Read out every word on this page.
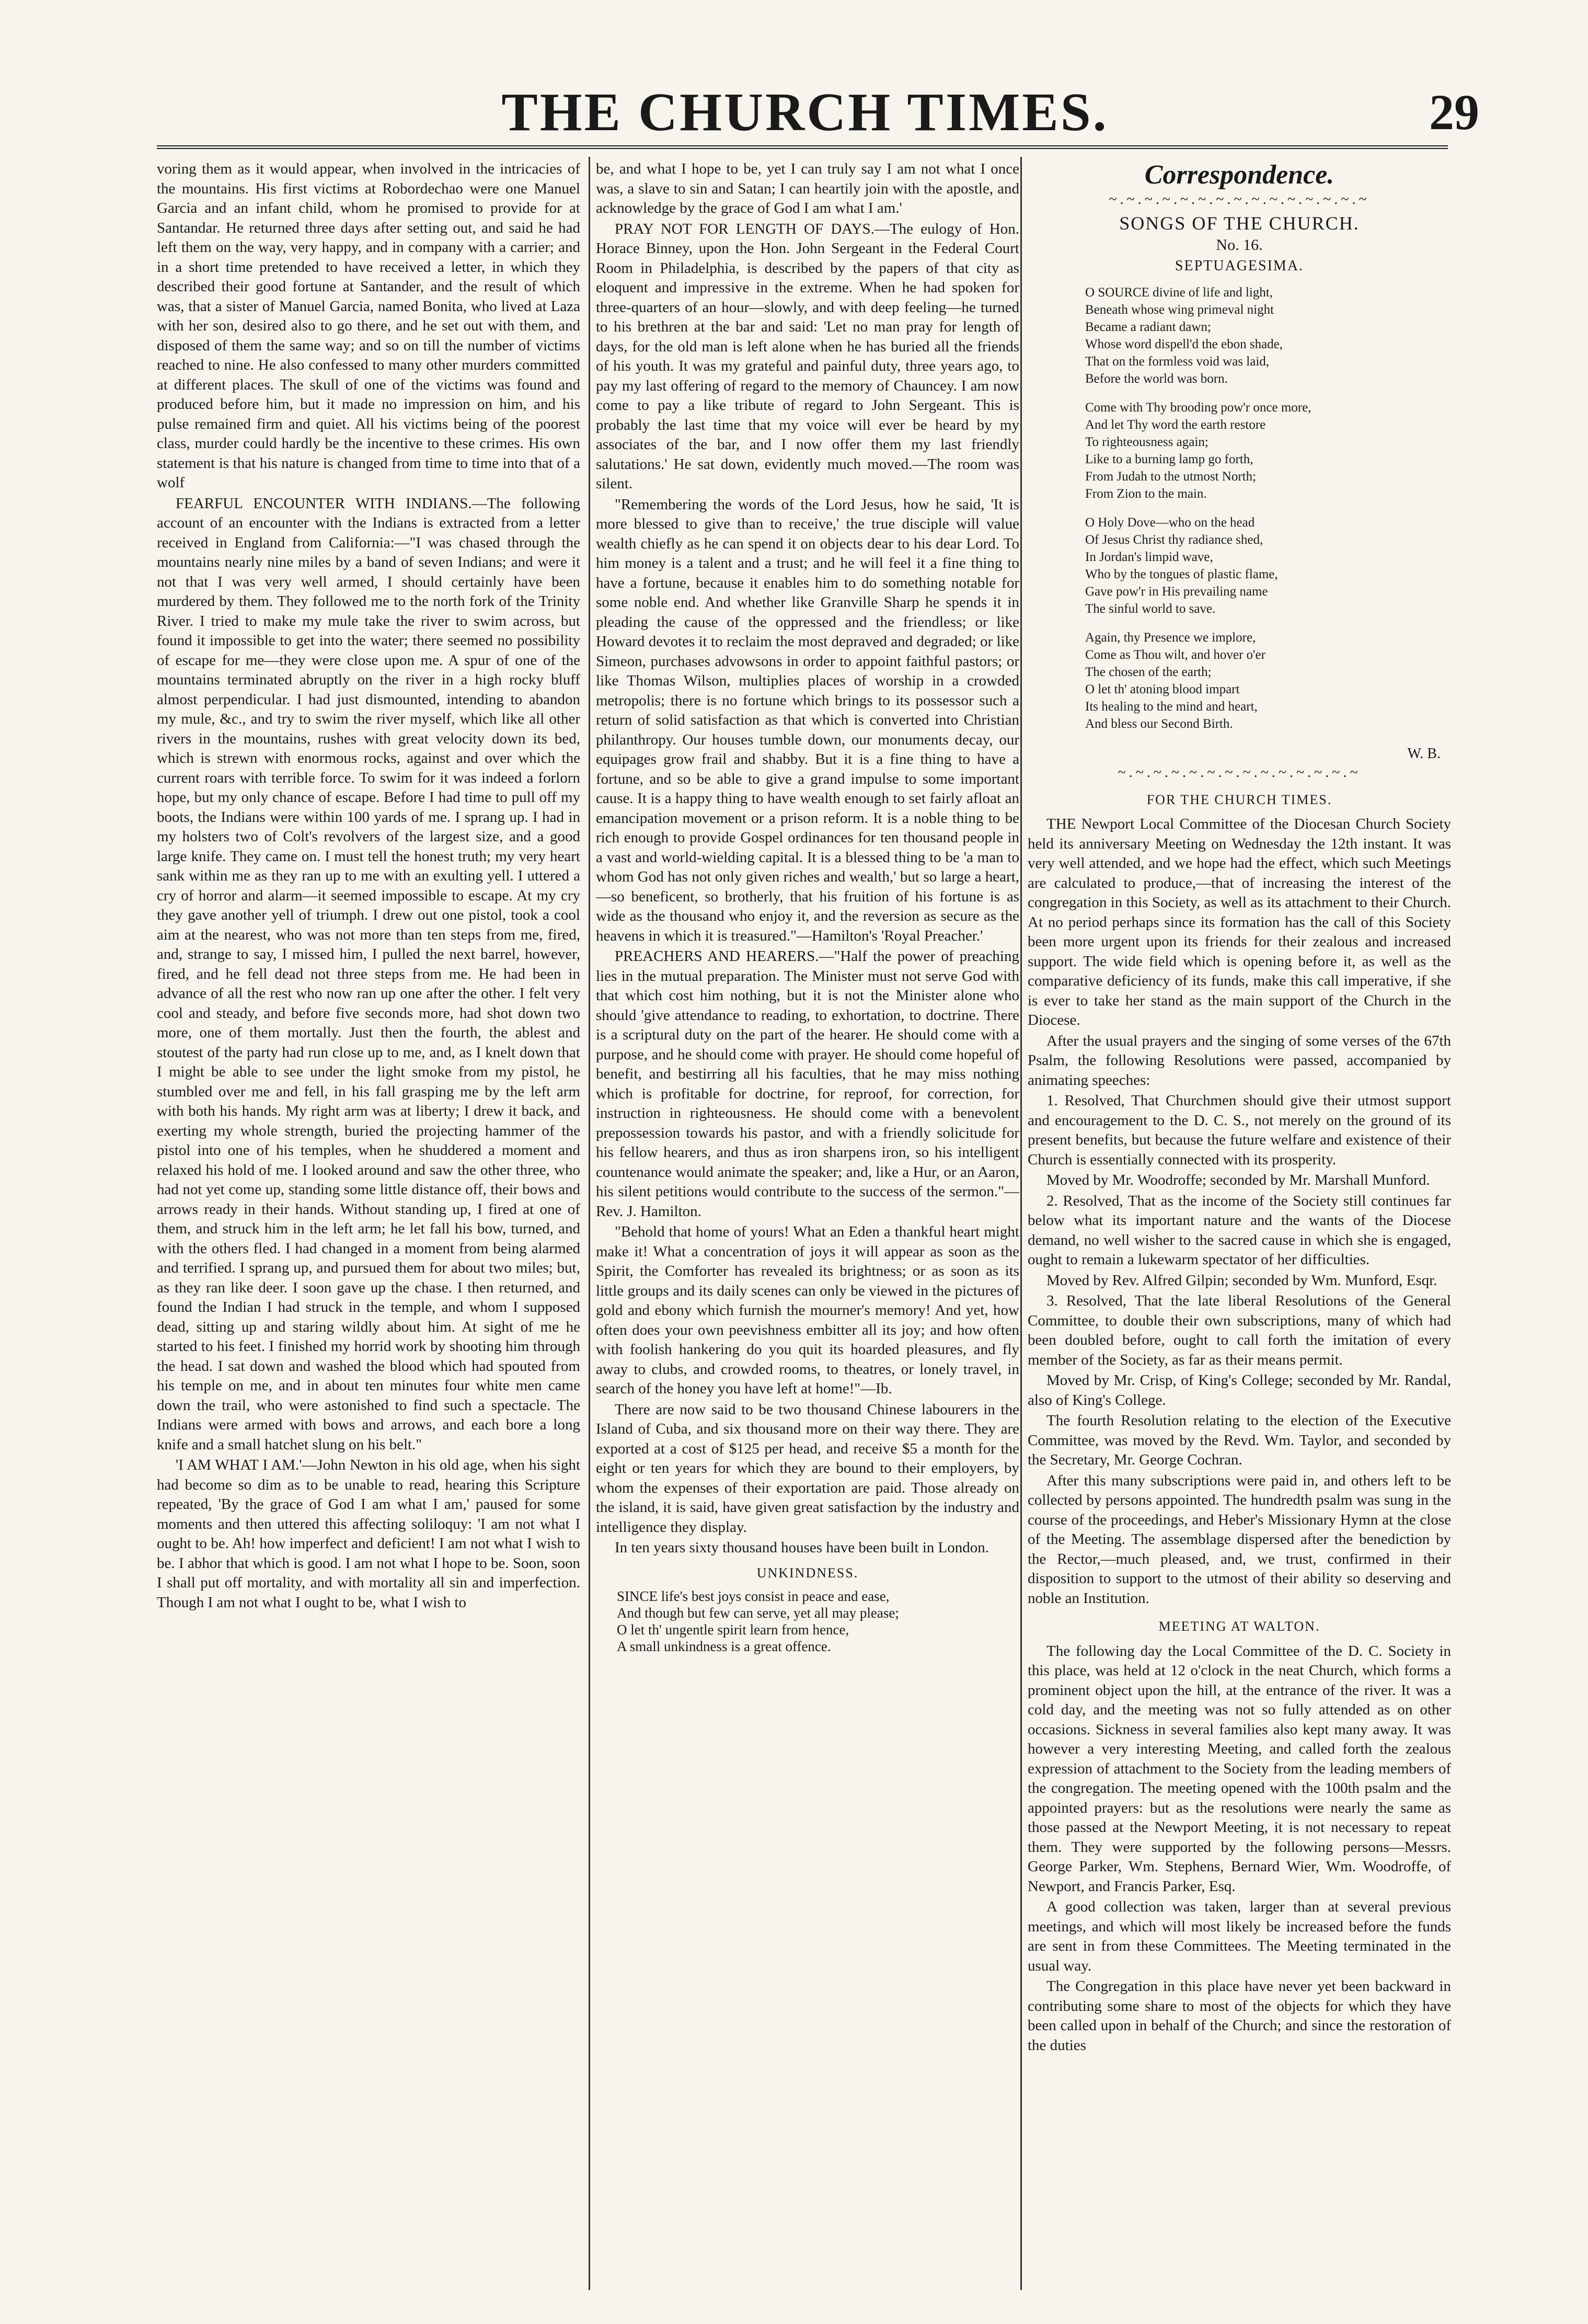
THE CHURCH TIMES.	29

voring them as it would appear, when involved in the intricacies of the mountains. His first victims at Robordechao were one Manuel Garcia and an infant child, whom he promised to provide for at Santandar. He returned three days after setting out, and said he had left them on the way, very happy, and in company with a carrier; and in a short time pretended to have received a letter, in which they described their good fortune at Santander, and the result of which was, that a sister of Manuel Garcia, named Bonita, who lived at Laza with her son, desired also to go there, and he set out with them, and disposed of them the same way; and so on till the number of victims reached to nine. He also confessed to many other murders committed at different places. The skull of one of the victims was found and produced before him, but it made no impression on him, and his pulse remained firm and quiet. All his victims being of the poorest class, murder could hardly be the incentive to these crimes. His own statement is that his nature is changed from time to time into that of a wolf

FEARFUL ENCOUNTER WITH INDIANS.—The following account of an encounter with the Indians is extracted from a letter received in England from California:—"I was chased through the mountains nearly nine miles by a band of seven Indians; and were it not that I was very well armed, I should certainly have been murdered by them. They followed me to the north fork of the Trinity River. I tried to make my mule take the river to swim across, but found it impossible to get into the water; there seemed no possibility of escape for me—they were close upon me. A spur of one of the mountains terminated abruptly on the river in a high rocky bluff almost perpendicular. I had just dismounted, intending to abandon my mule, &c., and try to swim the river myself, which like all other rivers in the mountains, rushes with great velocity down its bed, which is strewn with enormous rocks, against and over which the current roars with terrible force. To swim for it was indeed a forlorn hope, but my only chance of escape. Before I had time to pull off my boots, the Indians were within 100 yards of me. I sprang up. I had in my holsters two of Colt's revolvers of the largest size, and a good large knife. They came on. I must tell the honest truth; my very heart sank within me as they ran up to me with an exulting yell. I uttered a cry of horror and alarm—it seemed impossible to escape. At my cry they gave another yell of triumph. I drew out one pistol, took a cool aim at the nearest, who was not more than ten steps from me, fired, and, strange to say, I missed him, I pulled the next barrel, however, fired, and he fell dead not three steps from me. He had been in advance of all the rest who now ran up one after the other. I felt very cool and steady, and before five seconds more, had shot down two more, one of them mortally. Just then the fourth, the ablest and stoutest of the party had run close up to me, and, as I knelt down that I might be able to see under the light smoke from my pistol, he stumbled over me and fell, in his fall grasping me by the left arm with both his hands. My right arm was at liberty; I drew it back, and exerting my whole strength, buried the projecting hammer of the pistol into one of his temples, when he shuddered a moment and relaxed his hold of me. I looked around and saw the other three, who had not yet come up, standing some little distance off, their bows and arrows ready in their hands. Without standing up, I fired at one of them, and struck him in the left arm; he let fall his bow, turned, and with the others fled. I had changed in a moment from being alarmed and terrified. I sprang up, and pursued them for about two miles; but, as they ran like deer. I soon gave up the chase. I then returned, and found the Indian I had struck in the temple, and whom I supposed dead, sitting up and staring wildly about him. At sight of me he started to his feet. I finished my horrid work by shooting him through the head. I sat down and washed the blood which had spouted from his temple on me, and in about ten minutes four white men came down the trail, who were astonished to find such a spectacle. The Indians were armed with bows and arrows, and each bore a long knife and a small hatchet slung on his belt."

'I AM WHAT I AM.'—John Newton in his old age, when his sight had become so dim as to be unable to read, hearing this Scripture repeated, 'By the grace of God I am what I am,' paused for some moments and then uttered this affecting soliloquy: 'I am not what I ought to be. Ah! how imperfect and deficient! I am not what I wish to be. I abhor that which is good. I am not what I hope to be. Soon, soon I shall put off mortality, and with mortality all sin and imperfection. Though I am not what I ought to be, what I wish to

be, and what I hope to be, yet I can truly say I am not what I once was, a slave to sin and Satan; I can heartily join with the apostle, and acknowledge by the grace of God I am what I am.'

PRAY NOT FOR LENGTH OF DAYS.—The eulogy of Hon. Horace Binney, upon the Hon. John Sergeant in the Federal Court Room in Philadelphia, is described by the papers of that city as eloquent and impressive in the extreme. When he had spoken for three-quarters of an hour—slowly, and with deep feeling—he turned to his brethren at the bar and said: 'Let no man pray for length of days, for the old man is left alone when he has buried all the friends of his youth. It was my grateful and painful duty, three years ago, to pay my last offering of regard to the memory of Chauncey. I am now come to pay a like tribute of regard to John Sergeant. This is probably the last time that my voice will ever be heard by my associates of the bar, and I now offer them my last friendly salutations.' He sat down, evidently much moved.—The room was silent.

"Remembering the words of the Lord Jesus, how he said, 'It is more blessed to give than to receive,' the true disciple will value wealth chiefly as he can spend it on objects dear to his dear Lord. To him money is a talent and a trust; and he will feel it a fine thing to have a fortune, because it enables him to do something notable for some noble end. And whether like Granville Sharp he spends it in pleading the cause of the oppressed and the friendless; or like Howard devotes it to reclaim the most depraved and degraded; or like Simeon, purchases advowsons in order to appoint faithful pastors; or like Thomas Wilson, multiplies places of worship in a crowded metropolis; there is no fortune which brings to its possessor such a return of solid satisfaction as that which is converted into Christian philanthropy. Our houses tumble down, our monuments decay, our equipages grow frail and shabby. But it is a fine thing to have a fortune, and so be able to give a grand impulse to some important cause. It is a happy thing to have wealth enough to set fairly afloat an emancipation movement or a prison reform. It is a noble thing to be rich enough to provide Gospel ordinances for ten thousand people in a vast and world-wielding capital. It is a blessed thing to be 'a man to whom God has not only given riches and wealth,' but so large a heart,—so beneficent, so brotherly, that his fruition of his fortune is as wide as the thousand who enjoy it, and the reversion as secure as the heavens in which it is treasured."—Hamilton's 'Royal Preacher.'

PREACHERS AND HEARERS.—"Half the power of preaching lies in the mutual preparation. The Minister must not serve God with that which cost him nothing, but it is not the Minister alone who should 'give attendance to reading, to exhortation, to doctrine. There is a scriptural duty on the part of the hearer. He should come with a purpose, and he should come with prayer. He should come hopeful of benefit, and bestirring all his faculties, that he may miss nothing which is profitable for doctrine, for reproof, for correction, for instruction in righteousness. He should come with a benevolent prepossession towards his pastor, and with a friendly solicitude for his fellow hearers, and thus as iron sharpens iron, so his intelligent countenance would animate the speaker; and, like a Hur, or an Aaron, his silent petitions would contribute to the success of the sermon."—Rev. J. Hamilton.

"Behold that home of yours! What an Eden a thankful heart might make it! What a concentration of joys it will appear as soon as the Spirit, the Comforter has revealed its brightness; or as soon as its little groups and its daily scenes can only be viewed in the pictures of gold and ebony which furnish the mourner's memory! And yet, how often does your own peevishness embitter all its joy; and how often with foolish hankering do you quit its hoarded pleasures, and fly away to clubs, and crowded rooms, to theatres, or lonely travel, in search of the honey you have left at home!"—Ib.

There are now said to be two thousand Chinese labourers in the Island of Cuba, and six thousand more on their way there. They are exported at a cost of $125 per head, and receive $5 a month for the eight or ten years for which they are bound to their employers, by whom the expenses of their exportation are paid. Those already on the island, it is said, have given great satisfaction by the industry and intelligence they display.

In ten years sixty thousand houses have been built in London.

UNKINDNESS.
SINCE life's best joys consist in peace and ease,
And though but few can serve, yet all may please;
O let th' ungentle spirit learn from hence,
A small unkindness is a great offence.
Correspondence.
~.~.~.~.~.~.~.~.~.~.~.~.~.~.~
SONGS OF THE CHURCH.
No. 16.
SEPTUAGESIMA.
O SOURCE divine of life and light,
Beneath whose wing primeval night
Became a radiant dawn;
Whose word dispell'd the ebon shade,
That on the formless void was laid,
Before the world was born.
Come with Thy brooding pow'r once more,
And let Thy word the earth restore
To righteousness again;
Like to a burning lamp go forth,
From Judah to the utmost North;
From Zion to the main.
O Holy Dove—who on the head
Of Jesus Christ thy radiance shed,
In Jordan's limpid wave,
Who by the tongues of plastic flame,
Gave pow'r in His prevailing name
The sinful world to save.
Again, thy Presence we implore,
Come as Thou wilt, and hover o'er
The chosen of the earth;
O let th' atoning blood impart
Its healing to the mind and heart,
And bless our Second Birth.
W. B.
~.~.~.~.~.~.~.~.~.~.~.~.~.~
FOR THE CHURCH TIMES.

THE Newport Local Committee of the Diocesan Church Society held its anniversary Meeting on Wednesday the 12th instant. It was very well attended, and we hope had the effect, which such Meetings are calculated to produce,—that of increasing the interest of the congregation in this Society, as well as its attachment to their Church. At no period perhaps since its formation has the call of this Society been more urgent upon its friends for their zealous and increased support. The wide field which is opening before it, as well as the comparative deficiency of its funds, make this call imperative, if she is ever to take her stand as the main support of the Church in the Diocese.

After the usual prayers and the singing of some verses of the 67th Psalm, the following Resolutions were passed, accompanied by animating speeches:

1. Resolved, That Churchmen should give their utmost support and encouragement to the D. C. S., not merely on the ground of its present benefits, but because the future welfare and existence of their Church is essentially connected with its prosperity.

Moved by Mr. Woodroffe; seconded by Mr. Marshall Munford.

2. Resolved, That as the income of the Society still continues far below what its important nature and the wants of the Diocese demand, no well wisher to the sacred cause in which she is engaged, ought to remain a lukewarm spectator of her difficulties.

Moved by Rev. Alfred Gilpin; seconded by Wm. Munford, Esqr.

3. Resolved, That the late liberal Resolutions of the General Committee, to double their own subscriptions, many of which had been doubled before, ought to call forth the imitation of every member of the Society, as far as their means permit.

Moved by Mr. Crisp, of King's College; seconded by Mr. Randal, also of King's College.

The fourth Resolution relating to the election of the Executive Committee, was moved by the Revd. Wm. Taylor, and seconded by the Secretary, Mr. George Cochran.

After this many subscriptions were paid in, and others left to be collected by persons appointed. The hundredth psalm was sung in the course of the proceedings, and Heber's Missionary Hymn at the close of the Meeting. The assemblage dispersed after the benediction by the Rector,—much pleased, and, we trust, confirmed in their disposition to support to the utmost of their ability so deserving and noble an Institution.

MEETING AT WALTON.

The following day the Local Committee of the D. C. Society in this place, was held at 12 o'clock in the neat Church, which forms a prominent object upon the hill, at the entrance of the river. It was a cold day, and the meeting was not so fully attended as on other occasions. Sickness in several families also kept many away. It was however a very interesting Meeting, and called forth the zealous expression of attachment to the Society from the leading members of the congregation. The meeting opened with the 100th psalm and the appointed prayers: but as the resolutions were nearly the same as those passed at the Newport Meeting, it is not necessary to repeat them. They were supported by the following persons—Messrs. George Parker, Wm. Stephens, Bernard Wier, Wm. Woodroffe, of Newport, and Francis Parker, Esq.

A good collection was taken, larger than at several previous meetings, and which will most likely be increased before the funds are sent in from these Committees. The Meeting terminated in the usual way.

The Congregation in this place have never yet been backward in contributing some share to most of the objects for which they have been called upon in behalf of the Church; and since the restoration of the duties
